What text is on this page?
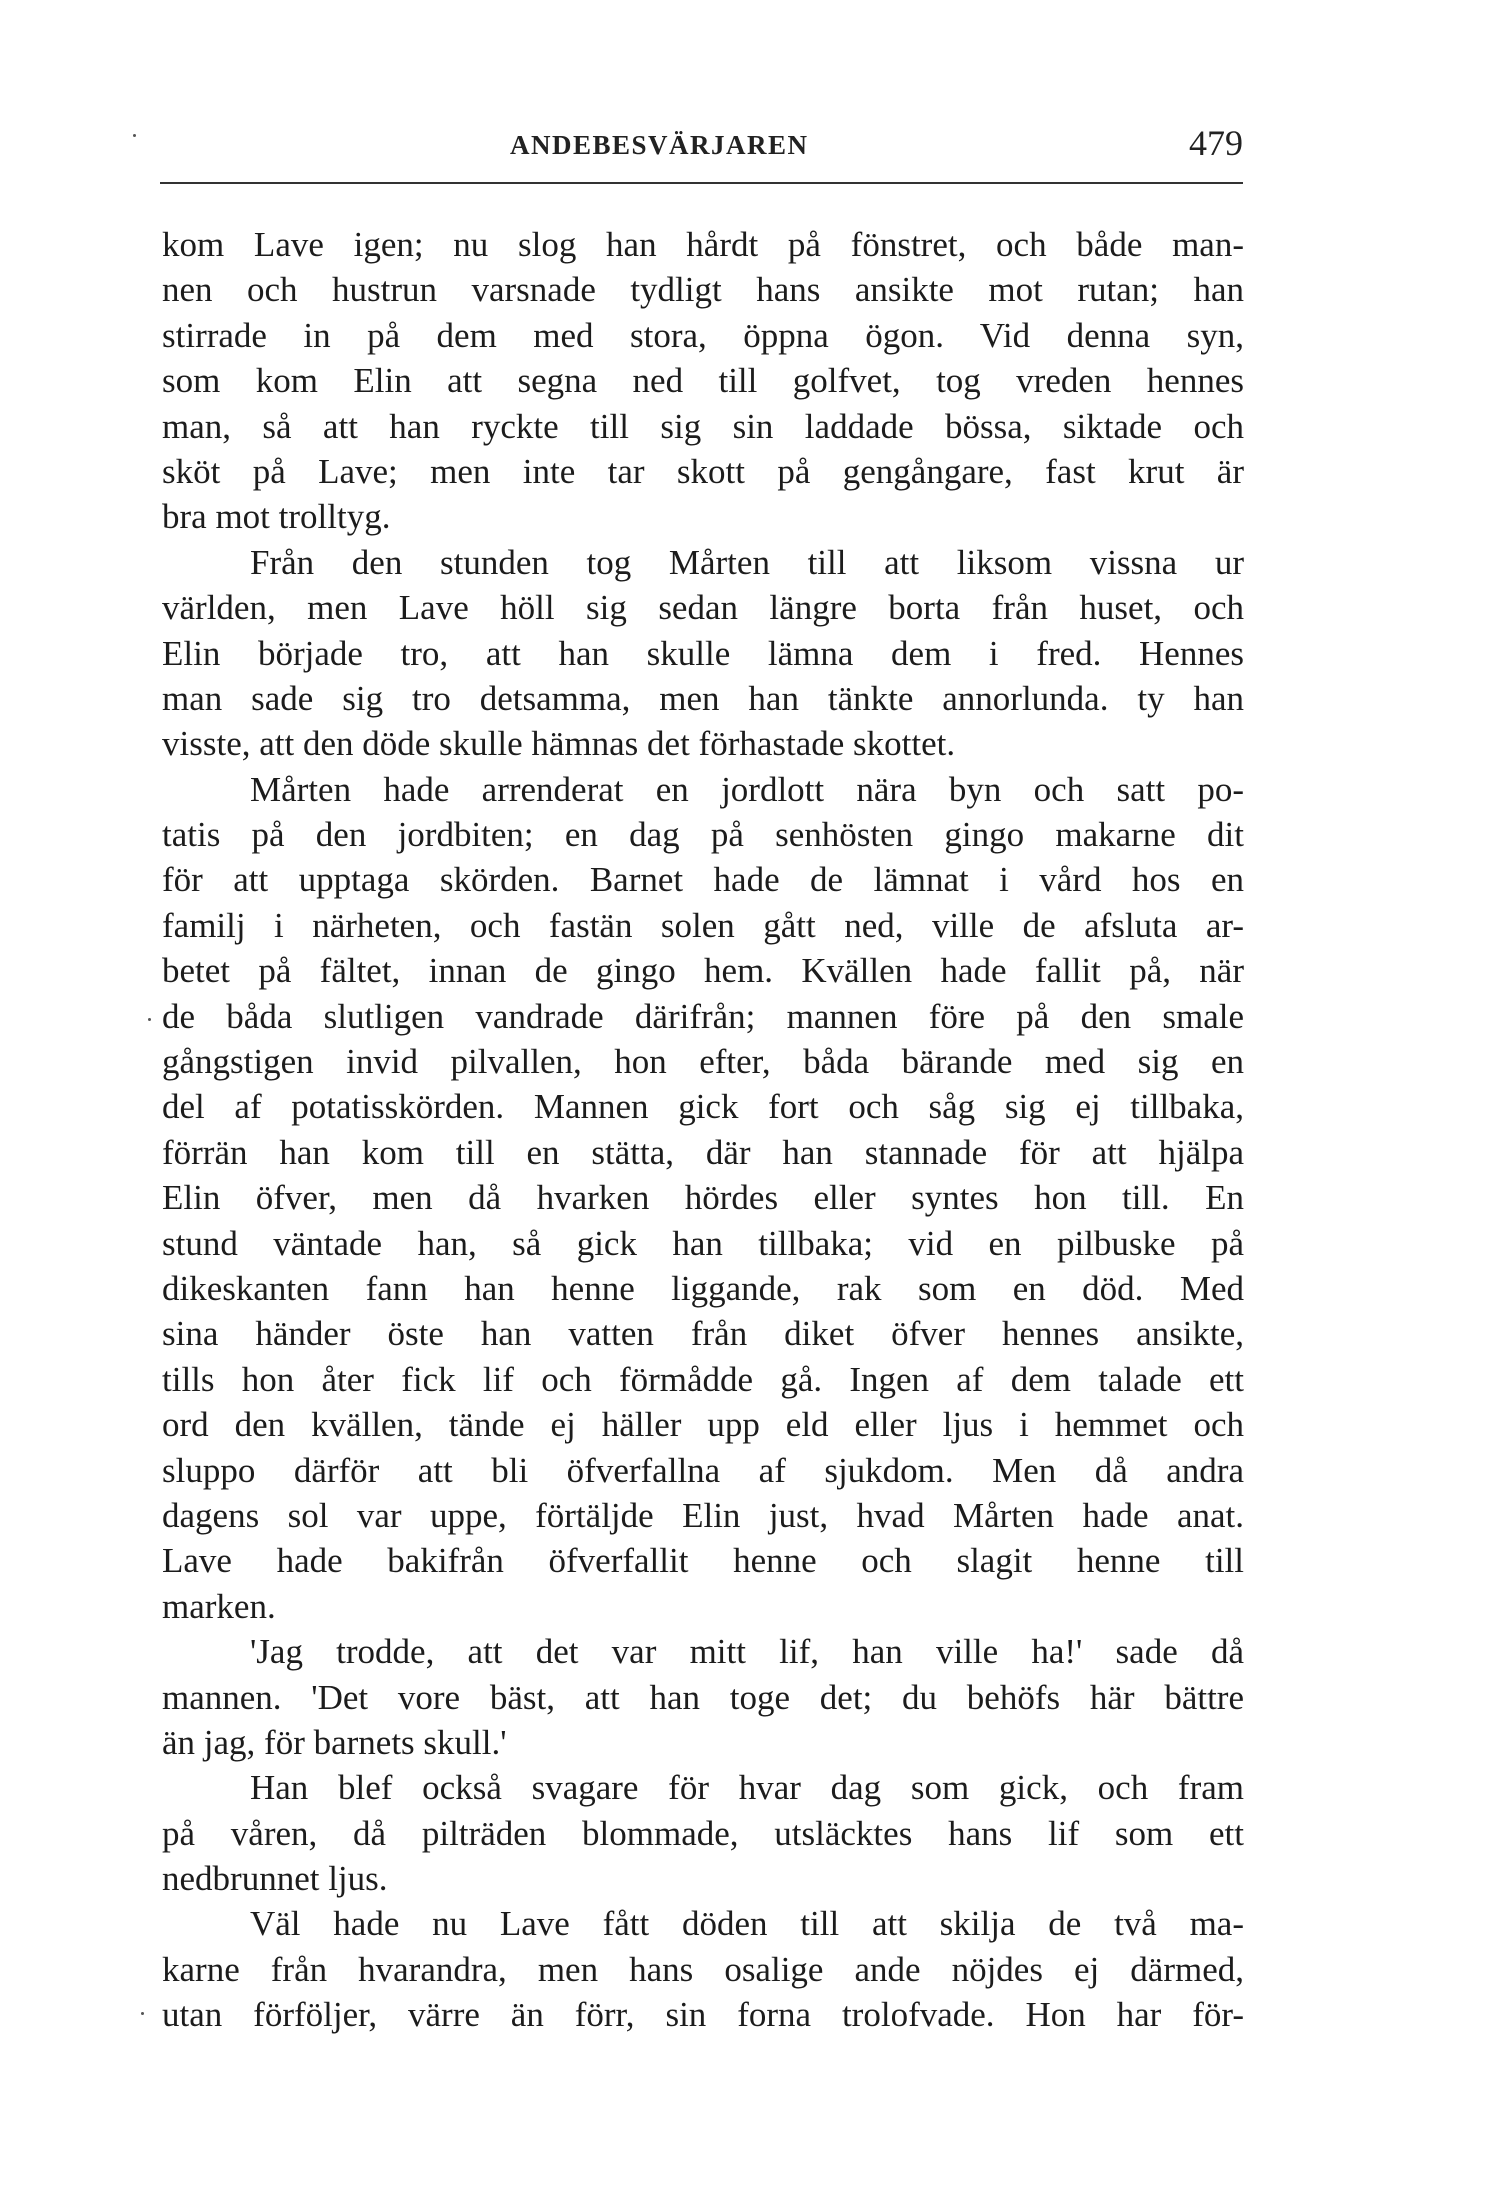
ANDEBESVÄRJAREN	479
kom Lave igen; nu slog han hårdt på fönstret, och både man-
nen och hustrun varsnade tydligt hans ansikte mot rutan; han
stirrade in på dem med stora, öppna ögon. Vid denna syn,
som kom Elin att segna ned till golfvet, tog vreden hennes
man, så att han ryckte till sig sin laddade bössa, siktade och
sköt på Lave; men inte tar skott på gengångare, fast krut är
bra mot trolltyg.
Från den stunden tog Mårten till att liksom vissna ur
världen, men Lave höll sig sedan längre borta från huset, och
Elin började tro, att han skulle lämna dem i fred. Hennes
man sade sig tro detsamma, men han tänkte annorlunda. ty han
visste, att den döde skulle hämnas det förhastade skottet.
Mårten hade arrenderat en jordlott nära byn och satt po-
tatis på den jordbiten; en dag på senhösten gingo makarne dit
för att upptaga skörden. Barnet hade de lämnat i vård hos en
familj i närheten, och fastän solen gått ned, ville de afsluta ar-
betet på fältet, innan de gingo hem. Kvällen hade fallit på, när
de båda slutligen vandrade därifrån; mannen före på den smale
gångstigen invid pilvallen, hon efter, båda bärande med sig en
del af potatisskörden. Mannen gick fort och såg sig ej tillbaka,
förrän han kom till en stätta, där han stannade för att hjälpa
Elin öfver, men då hvarken hördes eller syntes hon till. En
stund väntade han, så gick han tillbaka; vid en pilbuske på
dikeskanten fann han henne liggande, rak som en död. Med
sina händer öste han vatten från diket öfver hennes ansikte,
tills hon åter fick lif och förmådde gå. Ingen af dem talade ett
ord den kvällen, tände ej häller upp eld eller ljus i hemmet och
sluppo därför att bli öfverfallna af sjukdom. Men då andra
dagens sol var uppe, förtäljde Elin just, hvad Mårten hade anat.
Lave hade bakifrån öfverfallit henne och slagit henne till
marken.
'Jag trodde, att det var mitt lif, han ville ha!' sade då
mannen. 'Det vore bäst, att han toge det; du behöfs här bättre
än jag, för barnets skull.'
Han blef också svagare för hvar dag som gick, och fram
på våren, då pilträden blommade, utsläcktes hans lif som ett
nedbrunnet ljus.
Väl hade nu Lave fått döden till att skilja de två ma-
karne från hvarandra, men hans osalige ande nöjdes ej därmed,
utan förföljer, värre än förr, sin forna trolofvade. Hon har för-
